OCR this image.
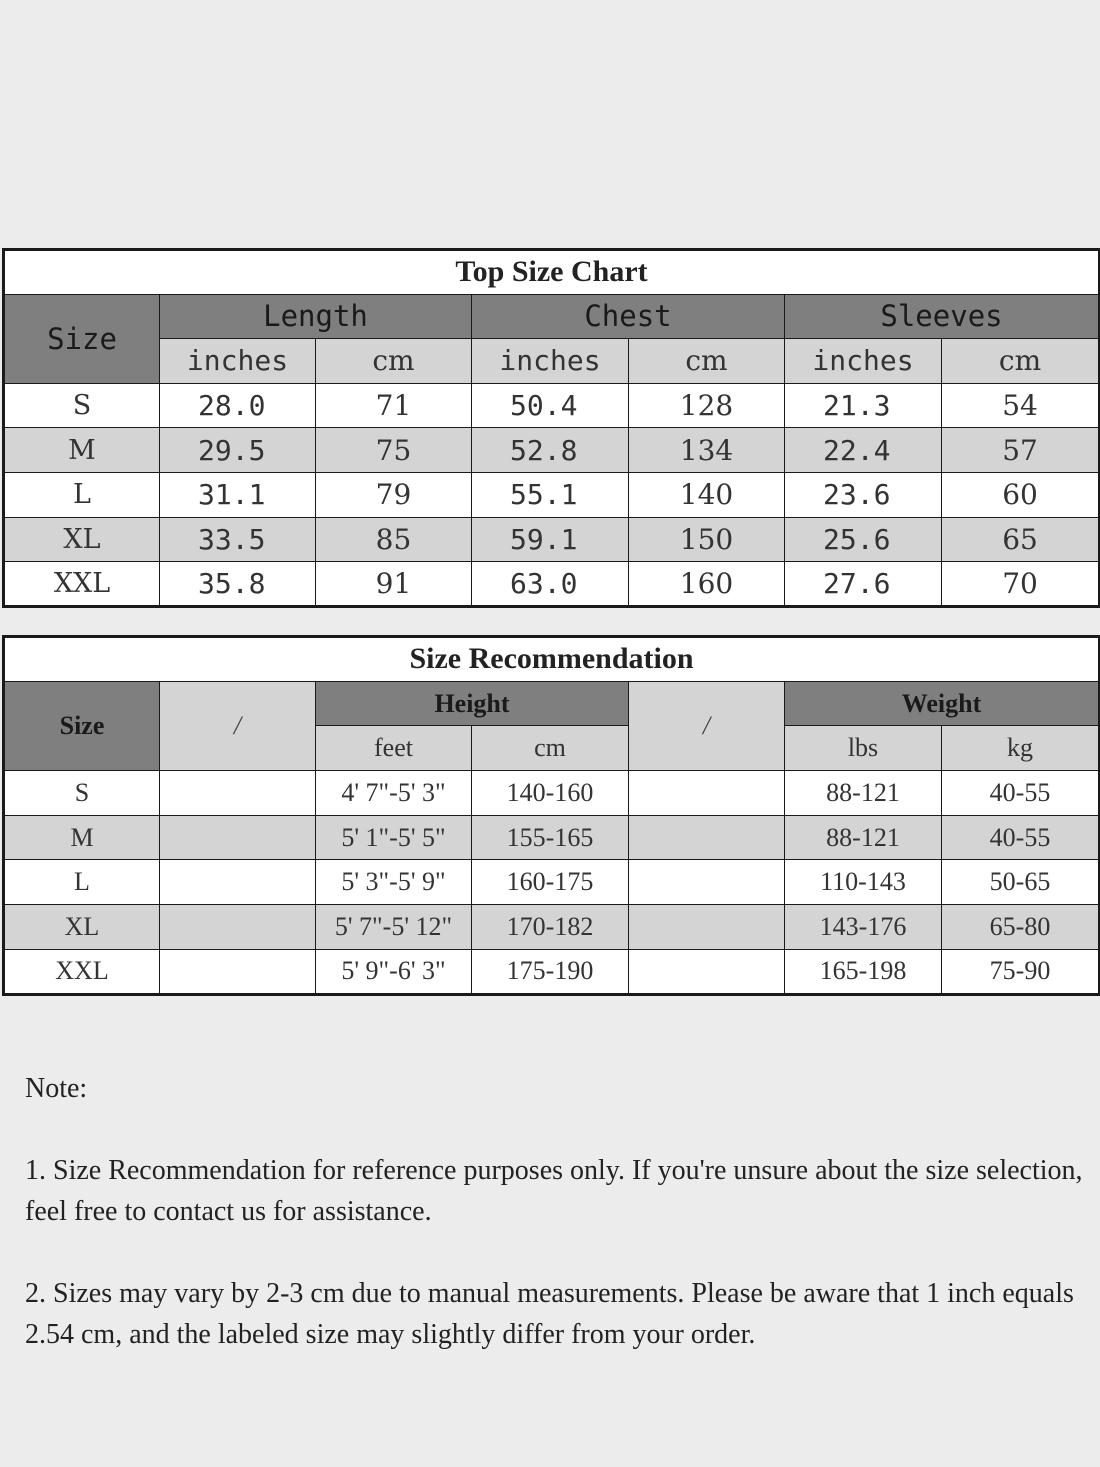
Top Size Chart						
Size	Length		Chest		Sleeves	
	inches	cm	inches	cm	inches	cm
S	28.0	71	50.4	128	21.3	54
M	29.5	75	52.8	134	22.4	57
L	31.1	79	55.1	140	23.6	60
XL	33.5	85	59.1	150	25.6	65
XXL	35.8	91	63.0	160	27.6	70
Size Recommendation						
Size	/	Height		/	Weight	
		feet	cm		lbs	kg
S		4' 7"-5' 3"	140-160		88-121	40-55
M		5' 1"-5' 5"	155-165		88-121	40-55
L		5' 3"-5' 9"	160-175		110-143	50-65
XL		5' 7"-5' 12"	170-182		143-176	65-80
XXL		5' 9"-6' 3"	175-190		165-198	75-90
Note:
1. Size Recommendation for reference purposes only. If you're unsure about the size selection, feel free to contact us for assistance.
2. Sizes may vary by 2-3 cm due to manual measurements. Please be aware that 1 inch equals 2.54 cm, and the labeled size may slightly differ from your order.
